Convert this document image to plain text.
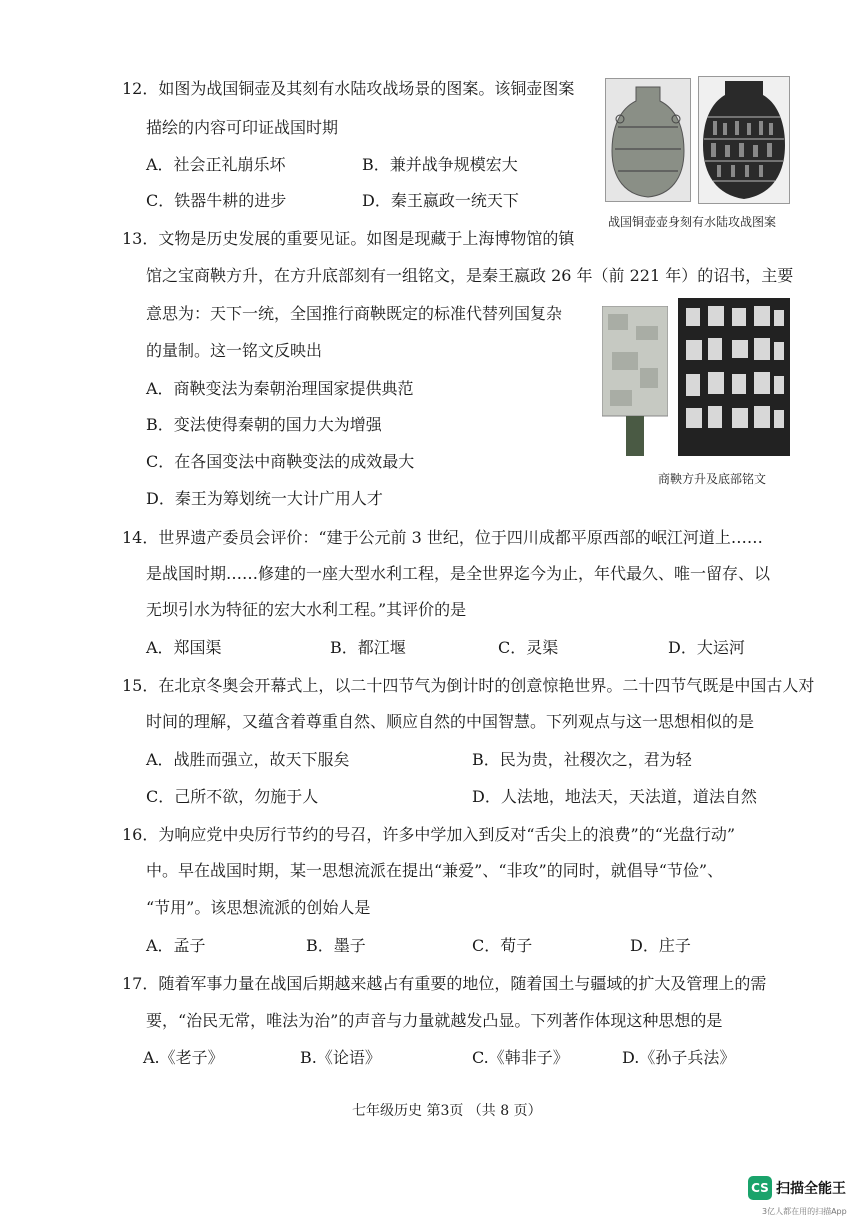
12．如图为战国铜壶及其刻有水陆攻战场景的图案。该铜壶图案
描绘的内容可印证战国时期
A．社会正礼崩乐坏	B．兼并战争规模宏大
C．铁器牛耕的进步	D．秦王嬴政一统天下
战国铜壶壶身刻有水陆攻战图案
13．文物是历史发展的重要见证。如图是现藏于上海博物馆的镇
馆之宝商鞅方升，在方升底部刻有一组铭文，是秦王嬴政 26 年（前 221 年）的诏书，主要
意思为：天下一统，全国推行商鞅既定的标准代替列国复杂
的量制。这一铭文反映出
A．商鞅变法为秦朝治理国家提供典范
B．变法使得秦朝的国力大为增强
C．在各国变法中商鞅变法的成效最大
D．秦王为筹划统一大计广用人才
商鞅方升及底部铭文
14．世界遗产委员会评价：“建于公元前 3 世纪，位于四川成都平原西部的岷江河道上……
是战国时期……修建的一座大型水利工程，是全世界迄今为止，年代最久、唯一留存、以
无坝引水为特征的宏大水利工程。”其评价的是
A．郑国渠	B．都江堰	C．灵渠	D．大运河
15．在北京冬奥会开幕式上，以二十四节气为倒计时的创意惊艳世界。二十四节气既是中国古人对
时间的理解，又蕴含着尊重自然、顺应自然的中国智慧。下列观点与这一思想相似的是
A．战胜而强立，故天下服矣	B．民为贵，社稷次之，君为轻
C．己所不欲，勿施于人	D．人法地，地法天，天法道，道法自然
16．为响应党中央厉行节约的号召，许多中学加入到反对“舌尖上的浪费”的“光盘行动”
中。早在战国时期，某一思想流派在提出“兼爱”、“非攻”的同时，就倡导“节俭”、
“节用”。该思想流派的创始人是
A．孟子	B．墨子	C．荀子	D．庄子
17．随着军事力量在战国后期越来越占有重要的地位，随着国土与疆域的扩大及管理上的需
要，“治民无常，唯法为治”的声音与力量就越发凸显。下列著作体现这种思想的是
A.《老子》	B.《论语》	C.《韩非子》	D.《孙子兵法》
七年级历史 第3页 （共 8 页）
CS 扫描全能王
3亿人都在用的扫描App
